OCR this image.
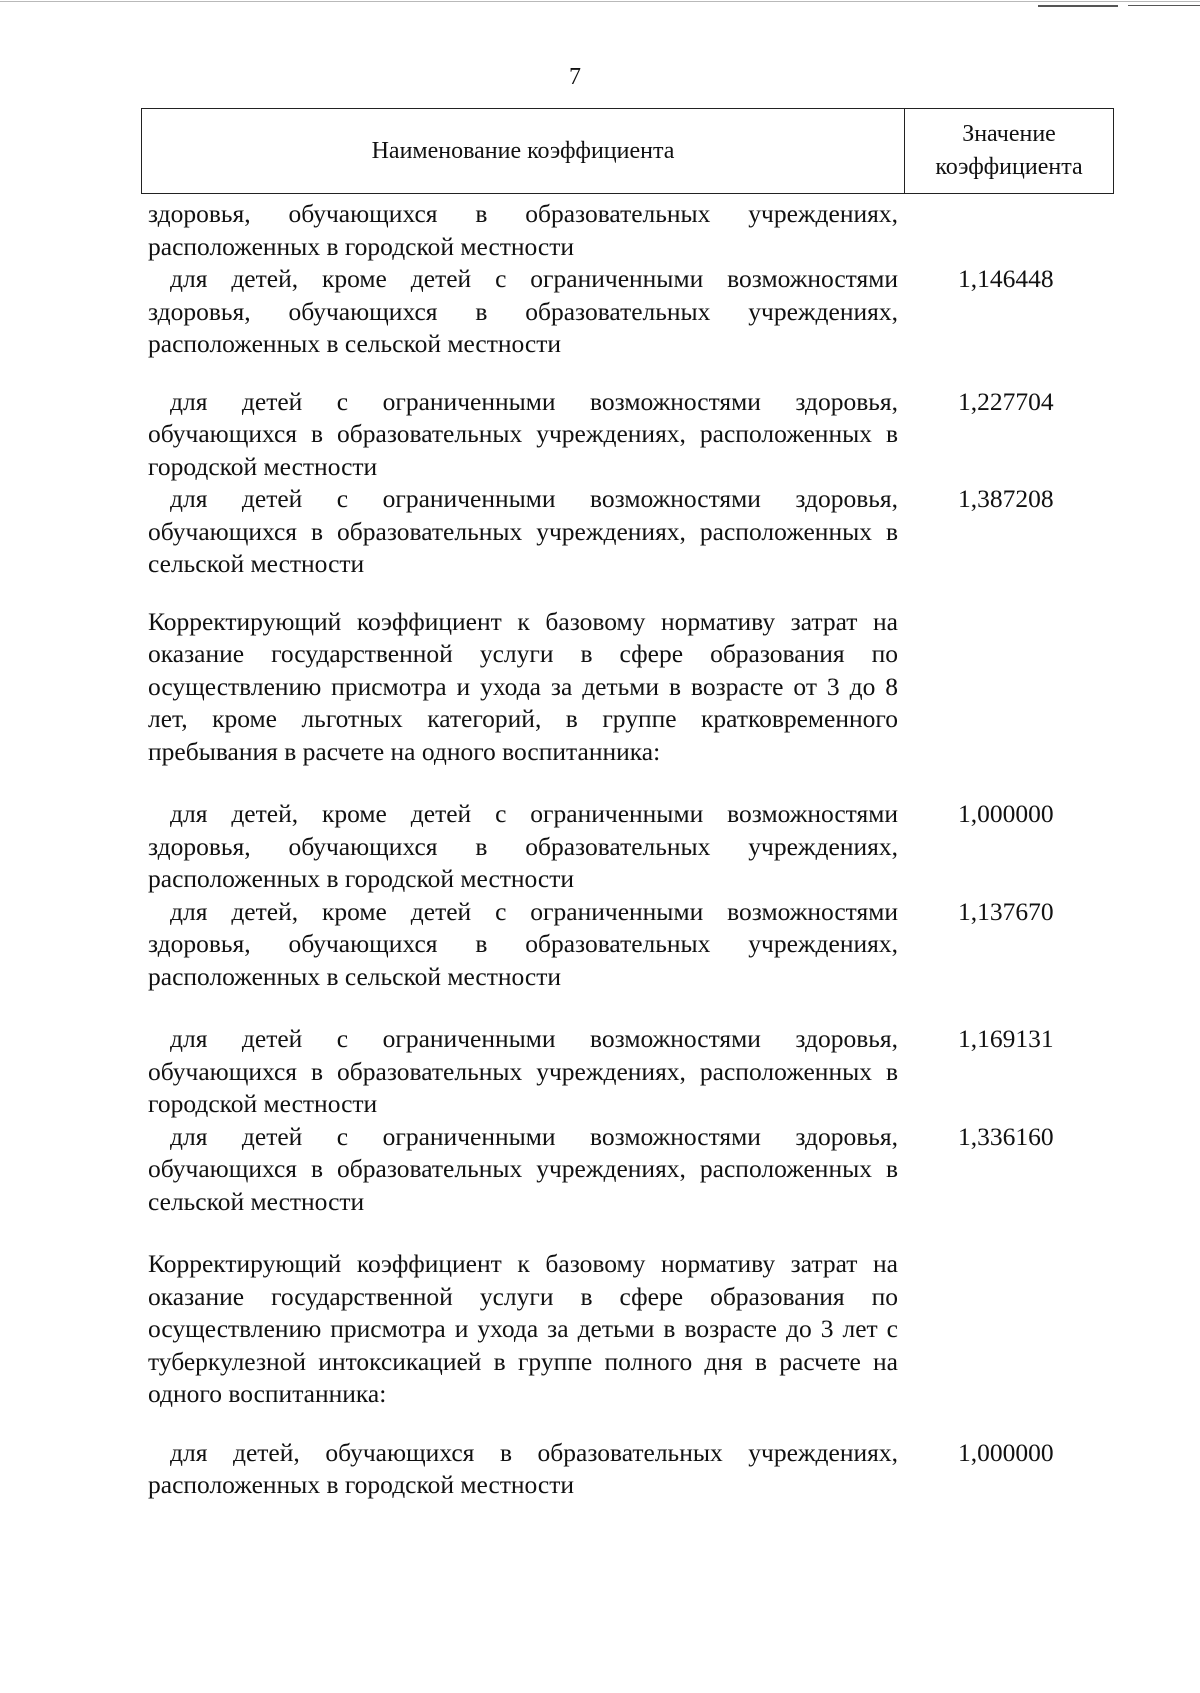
7
Наименование коэффициента
Значение коэффициента
здоровья, обучающихся в образовательных учреждениях, расположенных в городской местности
для детей, кроме детей с ограниченными возможностями здоровья, обучающихся в образовательных учреждениях, расположенных в сельской местности
1,146448
для детей с ограниченными возможностями здоровья, обучающихся в образовательных учреждениях, расположенных в городской местности
1,227704
для детей с ограниченными возможностями здоровья, обучающихся в образовательных учреждениях, расположенных в сельской местности
1,387208
Корректирующий коэффициент к базовому нормативу затрат на оказание государственной услуги в сфере образования по осуществлению присмотра и ухода за детьми в возрасте от 3 до 8 лет, кроме льготных категорий, в группе кратковременного пребывания в расчете на одного воспитанника:
для детей, кроме детей с ограниченными возможностями здоровья, обучающихся в образовательных учреждениях, расположенных в городской местности
1,000000
для детей, кроме детей с ограниченными возможностями здоровья, обучающихся в образовательных учреждениях, расположенных в сельской местности
1,137670
для детей с ограниченными возможностями здоровья, обучающихся в образовательных учреждениях, расположенных в городской местности
1,169131
для детей с ограниченными возможностями здоровья, обучающихся в образовательных учреждениях, расположенных в сельской местности
1,336160
Корректирующий коэффициент к базовому нормативу затрат на оказание государственной услуги в сфере образования по осуществлению присмотра и ухода за детьми в возрасте до 3 лет с туберкулезной интоксикацией в группе полного дня в расчете на одного воспитанника:
для детей, обучающихся в образовательных учреждениях, расположенных в городской местности
1,000000
